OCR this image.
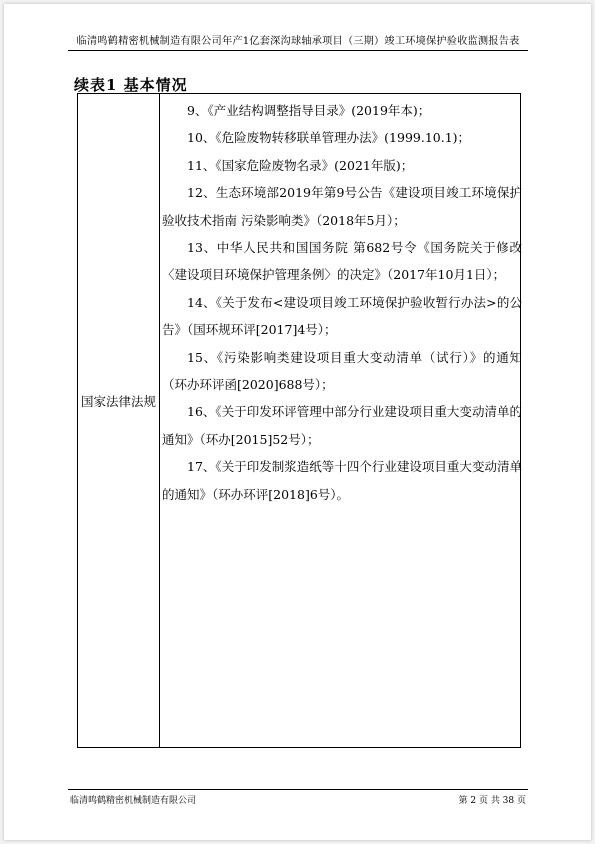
临清鸣鹤精密机械制造有限公司年产1亿套深沟球轴承项目（三期）竣工环境保护验收监测报告表
续表1 基本情况
国家法律法规

9、《产业结构调整指导目录》(2019年本)；

10、《危险废物转移联单管理办法》(1999.10.1)；

11、《国家危险废物名录》(2021年版)；

12、生态环境部2019年第9号公告《建设项目竣工环境保护验收技术指南 污染影响类》（2018年5月）；

13、中华人民共和国国务院 第682号令《国务院关于修改〈建设项目环境保护管理条例〉的决定》（2017年10月1日）；

14、《关于发布<建设项目竣工环境保护验收暂行办法>的公告》（国环规环评[2017]4号）；

15、《污染影响类建设项目重大变动清单（试行）》的通知（环办环评函[2020]688号）；

16、《关于印发环评管理中部分行业建设项目重大变动清单的通知》（环办[2015]52号）；

17、《关于印发制浆造纸等十四个行业建设项目重大变动清单的通知》（环办环评[2018]6号）。

临清鸣鹤精密机械制造有限公司	第 2 页 共 38 页
